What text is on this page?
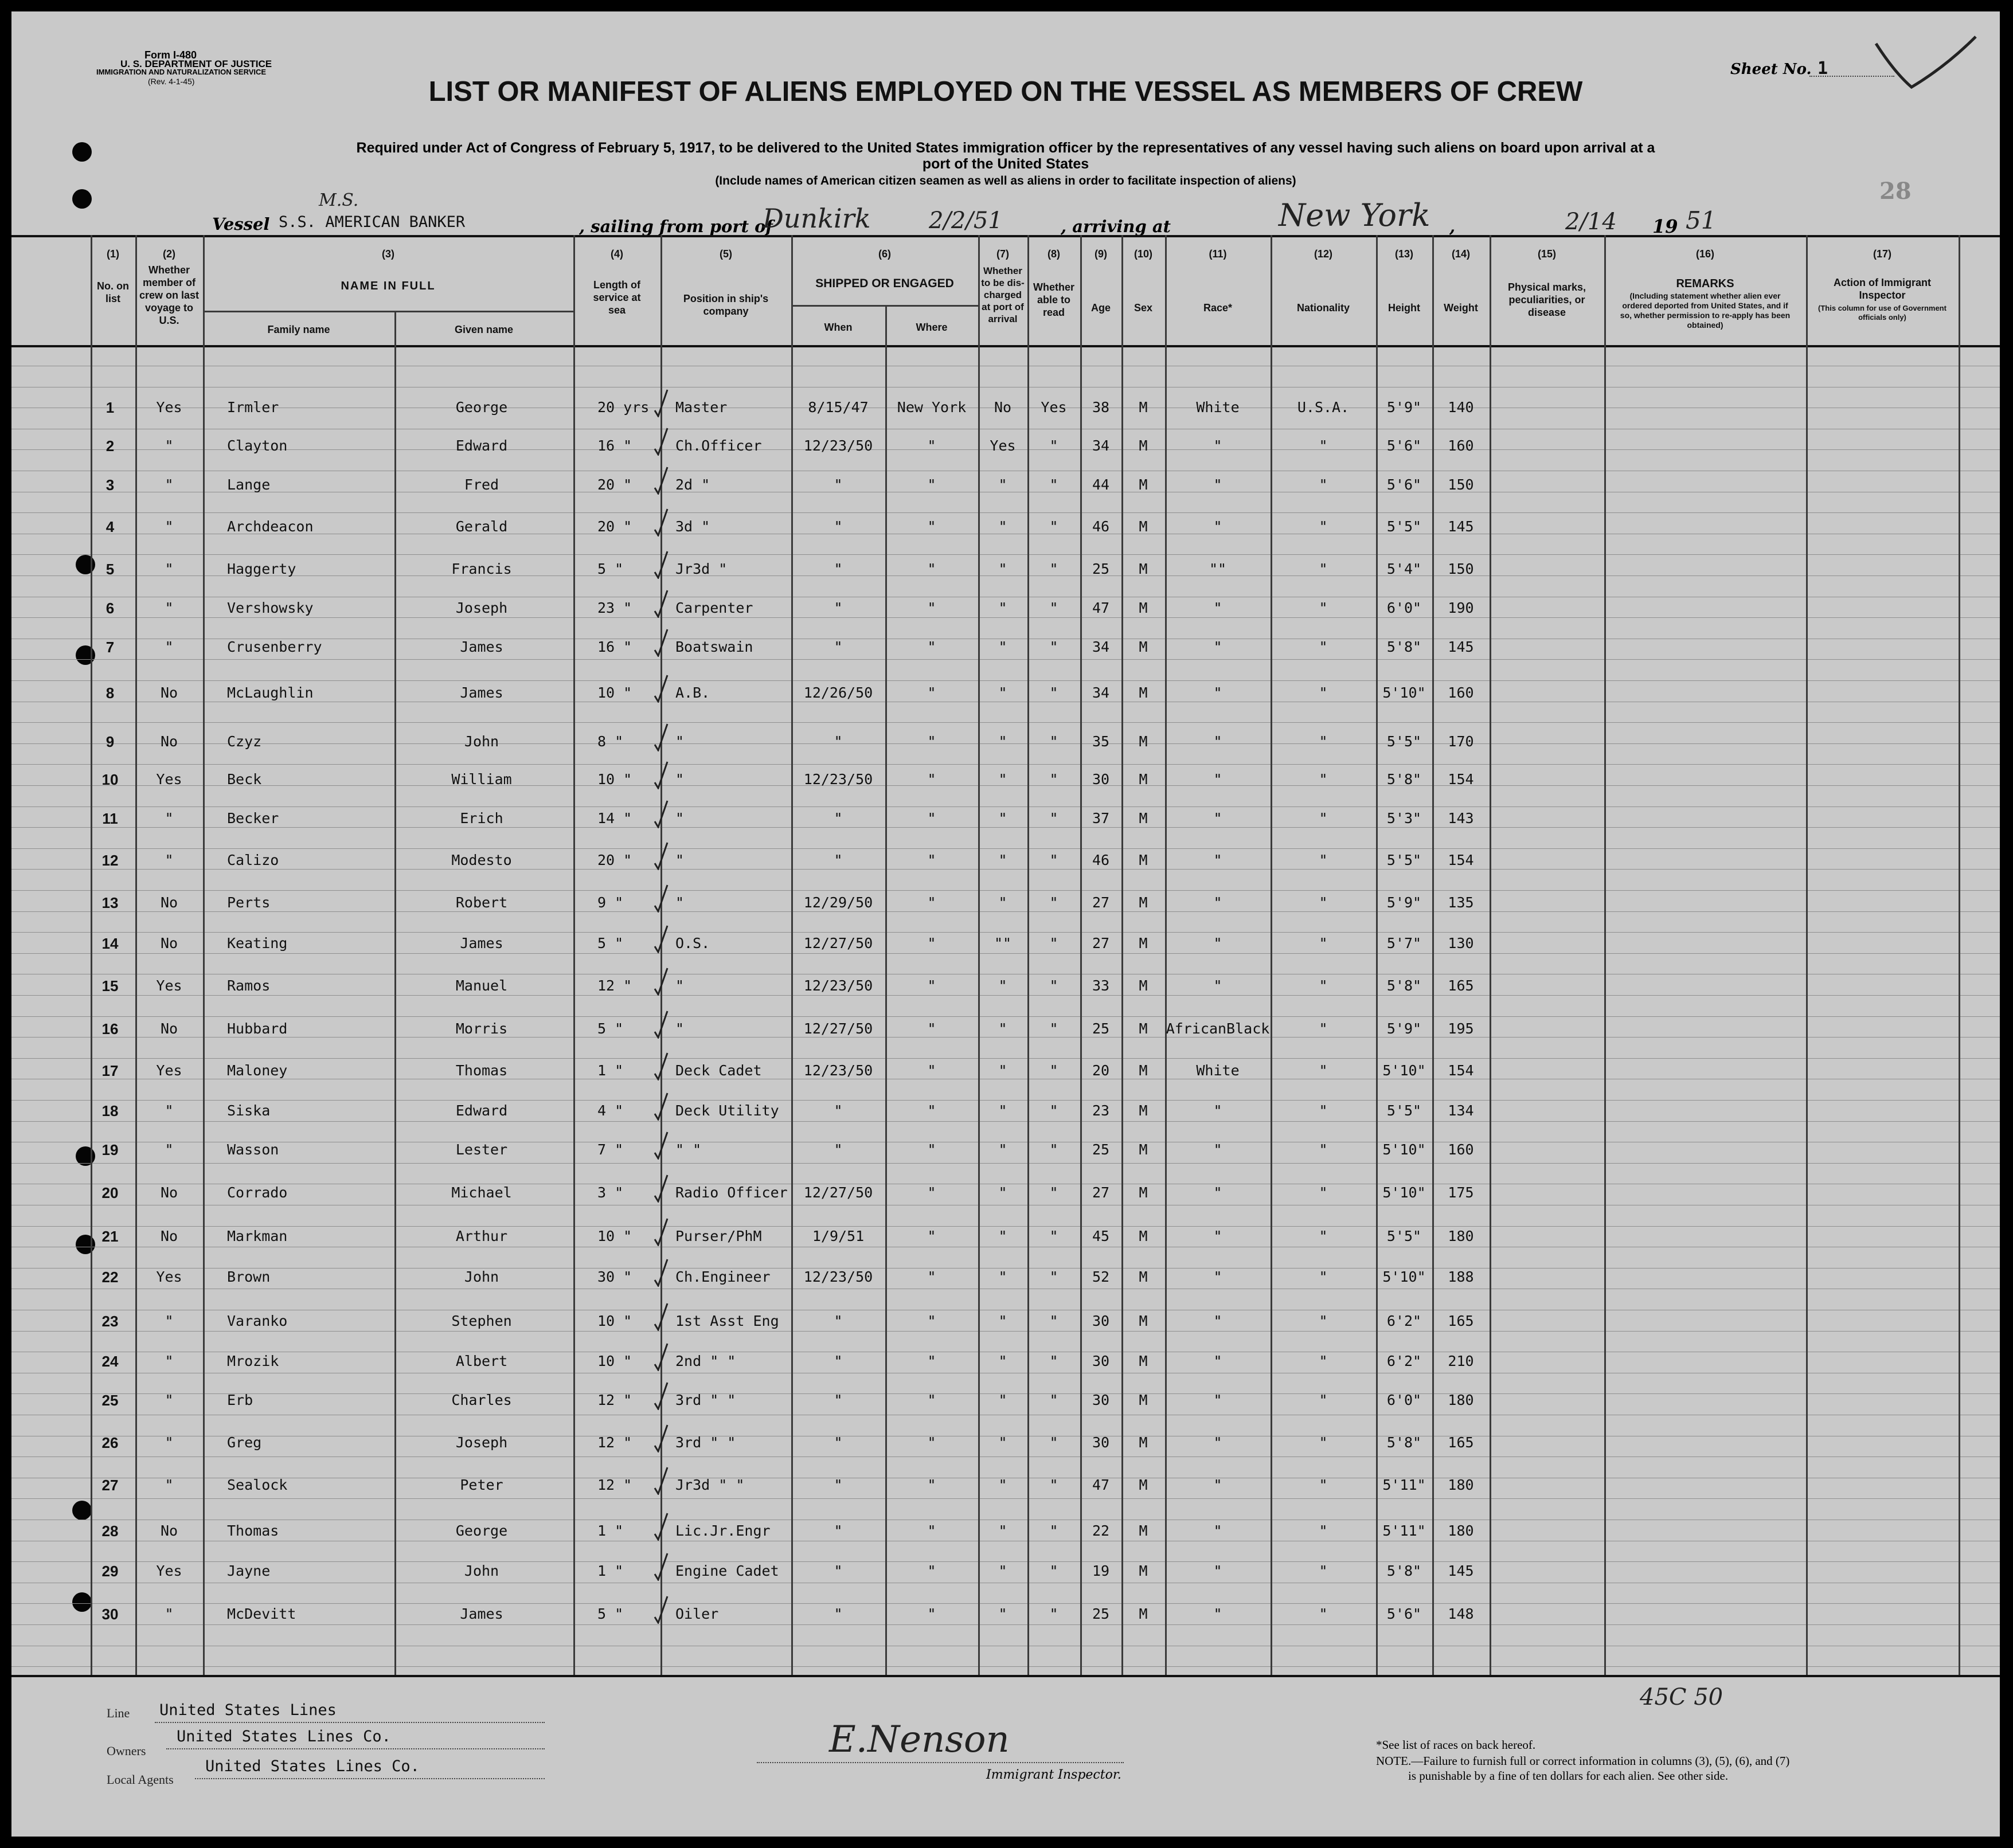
Form I-480
U. S. DEPARTMENT OF JUSTICE
IMMIGRATION AND NATURALIZATION SERVICE
(Rev. 4-1-45)
Sheet No. 1
28
LIST OR MANIFEST OF ALIENS EMPLOYED ON THE VESSEL AS MEMBERS OF CREW
Required under Act of Congress of February 5, 1917, to be delivered to the United States immigration officer by the representatives of any vessel having such aliens on board upon arrival at a
port of the United States
(Include names of American citizen seamen as well as aliens in order to facilitate inspection of aliens)
Vessel
M.S.
S.S. AMERICAN BANKER	, sailing from port of
Dunkirk	2/2/51	, arriving at	New York ,	2/14 19 51
(1)
No. on list
(2)
Whether member of crew on last voyage to U.S.
(3)
NAME IN FULL
Family name	Given name
(4)
Length of service at sea
(5)
Position in ship's company
(6)
SHIPPED OR ENGAGED
When	Where
(7)
Whether to be dis-charged at port of arrival
(8)
Whether able to read
(9)
Age
(10)
Sex
(11)
Race*
(12)
Nationality
(13)
Height
(14)
Weight
(15)
Physical marks, peculiarities, or disease
(16)
REMARKS
(Including statement whether alien ever ordered deported from United States, and if so, whether permission to re-apply has been obtained)
(17)
Action of Immigrant Inspector
(This column for use of Government officials only)
1	Yes	Irmler	George	20 yrs Master	8/15/47	New York	No	Yes	38	M	White	U.S.A.	5'9"	140
2	"	Clayton	Edward	16 "	Ch.Officer	12/23/50	"	Yes	"	34	M	"	"	5'6"	160
3	"	Lange	Fred	20 "	2d "	"	"	"	"	44	M	"	"	5'6"	150
4	"	Archdeacon	Gerald	20 "	3d "	"	"	"	"	46	M	"	"	5'5"	145
5	"	Haggerty	Francis	5 "	Jr3d "	"	"	"	"	25	M	""	"	5'4"	150
6	"	Vershowsky	Joseph	23 "	Carpenter	"	"	"	"	47	M	"	"	6'0"	190
7	"	Crusenberry	James	16 "	Boatswain	"	"	"	"	34	M	"	"	5'8"	145
8	No	McLaughlin	James	10 "	A.B.	12/26/50	"	"	"	34	M	"	"	5'10"	160
9	No	Czyz	John	8 "	"	"	"	"	"	35	M	"	"	5'5"	170
10	Yes	Beck	William	10 "	"	12/23/50	"	"	"	30	M	"	"	5'8"	154
11	"	Becker	Erich	14 "	"	"	"	"	"	37	M	"	"	5'3"	143
12	"	Calizo	Modesto	20 "	"	"	"	"	"	46	M	"	"	5'5"	154
13	No	Perts	Robert	9 "	"	12/29/50	"	"	"	27	M	"	"	5'9"	135
14	No	Keating	James	5 "	O.S.	12/27/50	"	""	"	27	M	"	"	5'7"	130
15	Yes	Ramos	Manuel	12 "	"	12/23/50	"	"	"	33	M	"	"	5'8"	165
16	No	Hubbard	Morris	5 "	"	12/27/50	"	"	"	25	M	AfricanBlack	"	5'9"	195
17	Yes	Maloney	Thomas	1 "	Deck Cadet	12/23/50	"	"	"	20	M	White	"	5'10"	154
18	"	Siska	Edward	4 "	Deck Utility	"	"	"	"	23	M	"	"	5'5"	134
19	"	Wasson	Lester	7 "	" "	"	"	"	"	25	M	"	"	5'10"	160
20	No	Corrado	Michael	3 "	Radio Officer	12/27/50	"	"	"	27	M	"	"	5'10"	175
21	No	Markman	Arthur	10 "	Purser/PhM	1/9/51	"	"	"	45	M	"	"	5'5"	180
22	Yes	Brown	John	30 "	Ch.Engineer	12/23/50	"	"	"	52	M	"	"	5'10"	188
23	"	Varanko	Stephen	10 "	1st Asst Eng	"	"	"	"	30	M	"	"	6'2"	165
24	"	Mrozik	Albert	10 "	2nd " "	"	"	"	"	30	M	"	"	6'2"	210
25	"	Erb	Charles	12 "	3rd " "	"	"	"	"	30	M	"	"	6'0"	180
26	"	Greg	Joseph	12 "	3rd " "	"	"	"	"	30	M	"	"	5'8"	165
27	"	Sealock	Peter	12 "	Jr3d " "	"	"	"	"	47	M	"	"	5'11"	180
28	No	Thomas	George	1 "	Lic.Jr.Engr	"	"	"	"	22	M	"	"	5'11"	180
29	Yes	Jayne	John	1 "	Engine Cadet	"	"	"	"	19	M	"	"	5'8"	145
30	"	McDevitt	James	5 "	Oiler	"	"	"	"	25	M	"	"	5'6"	148
Line United States Lines
Owners
United States Lines Co.
Local Agents
United States Lines Co.
E.Nenson
Immigrant Inspector.
45C 50
*See list of races on back hereof.
NOTE.—Failure to furnish full or correct information in columns (3), (5), (6), and (7)
is punishable by a fine of ten dollars for each alien. See other side.
